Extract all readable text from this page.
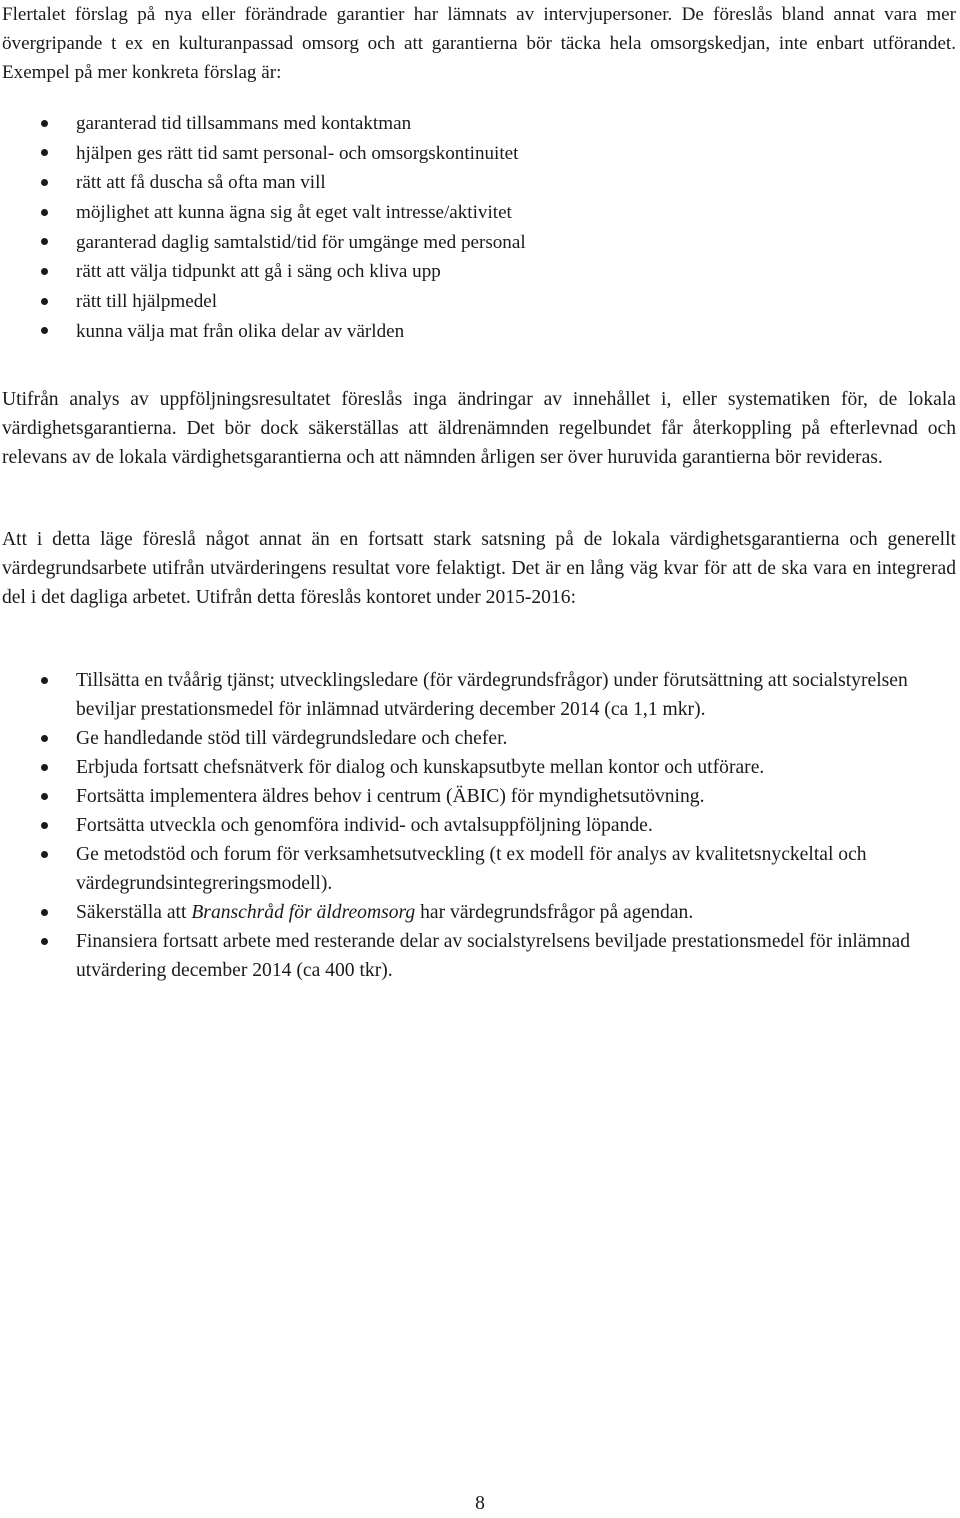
Flertalet förslag på nya eller förändrade garantier har lämnats av intervjupersoner. De föreslås bland annat vara mer övergripande t ex en kulturanpassad omsorg och att garantierna bör täcka hela omsorgskedjan, inte enbart utförandet. Exempel på mer konkreta förslag är:

garanterad tid tillsammans med kontaktman
hjälpen ges rätt tid samt personal- och omsorgskontinuitet
rätt att få duscha så ofta man vill
möjlighet att kunna ägna sig åt eget valt intresse/aktivitet
garanterad daglig samtalstid/tid för umgänge med personal
rätt att välja tidpunkt att gå i säng och kliva upp
rätt till hjälpmedel
kunna välja mat från olika delar av världen

Utifrån analys av uppföljningsresultatet föreslås inga ändringar av innehållet i, eller systematiken för, de lokala värdighetsgarantierna. Det bör dock säkerställas att äldrenämnden regelbundet får återkoppling på efterlevnad och relevans av de lokala värdighetsgarantierna och att nämnden årligen ser över huruvida garantierna bör revideras.

Att i detta läge föreslå något annat än en fortsatt stark satsning på de lokala värdighetsgarantierna och generellt värdegrundsarbete utifrån utvärderingens resultat vore felaktigt. Det är en lång väg kvar för att de ska vara en integrerad del i det dagliga arbetet. Utifrån detta föreslås kontoret under 2015-2016:

Tillsätta en tvåårig tjänst; utvecklingsledare (för värdegrundsfrågor) under förutsättning att socialstyrelsen beviljar prestationsmedel för inlämnad utvärdering december 2014 (ca 1,1 mkr).
Ge handledande stöd till värdegrundsledare och chefer.
Erbjuda fortsatt chefsnätverk för dialog och kunskapsutbyte mellan kontor och utförare.
Fortsätta implementera äldres behov i centrum (ÄBIC) för myndighetsutövning.
Fortsätta utveckla och genomföra individ- och avtalsuppföljning löpande.
Ge metodstöd och forum för verksamhetsutveckling (t ex modell för analys av kvalitetsnyckeltal och värdegrundsintegreringsmodell).
Säkerställa att Branschråd för äldreomsorg har värdegrundsfrågor på agendan.
Finansiera fortsatt arbete med resterande delar av socialstyrelsens beviljade prestationsmedel för inlämnad utvärdering december 2014 (ca 400 tkr).
8
